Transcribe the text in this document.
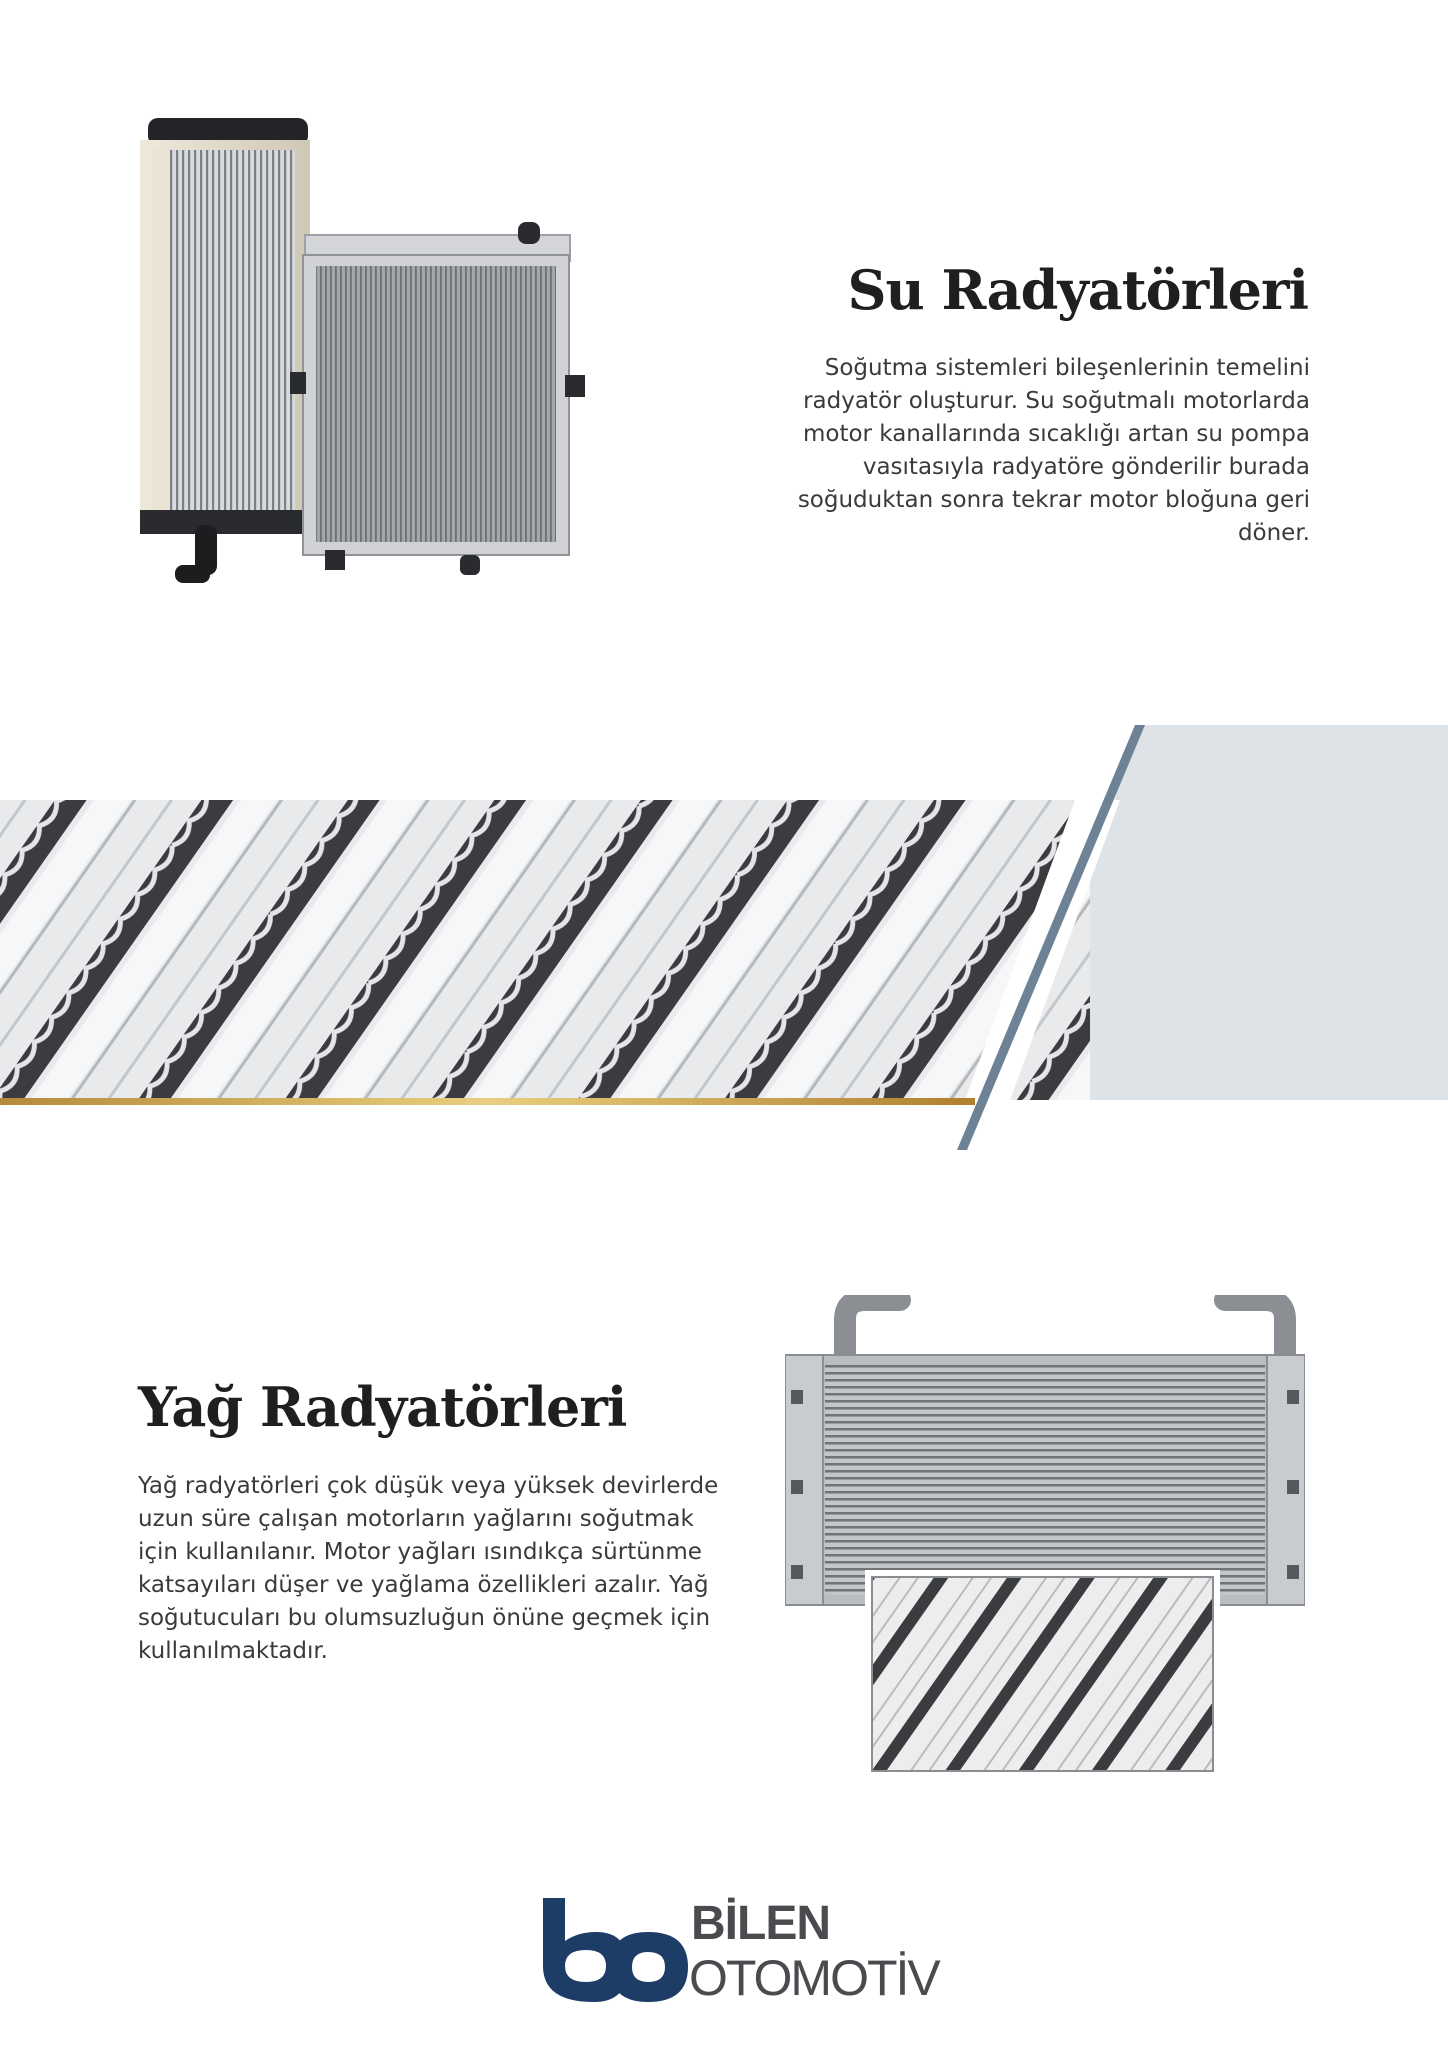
Su Radyatörleri

Soğutma sistemleri bileşenlerinin temelini radyatör oluşturur. Su soğutmalı motorlarda motor kanallarında sıcaklığı artan su pompa vasıtasıyla radyatöre gönderilir burada soğuduktan sonra tekrar motor bloğuna geri döner.

Yağ Radyatörleri

Yağ radyatörleri çok düşük veya yüksek devirlerde uzun süre çalışan motorların yağlarını soğutmak için kullanılanır. Motor yağları ısındıkça sürtünme katsayıları düşer ve yağlama özellikleri azalır. Yağ soğutucuları bu olumsuzluğun önüne geçmek için kullanılmaktadır.

BİLEN
OTOMOTİV
